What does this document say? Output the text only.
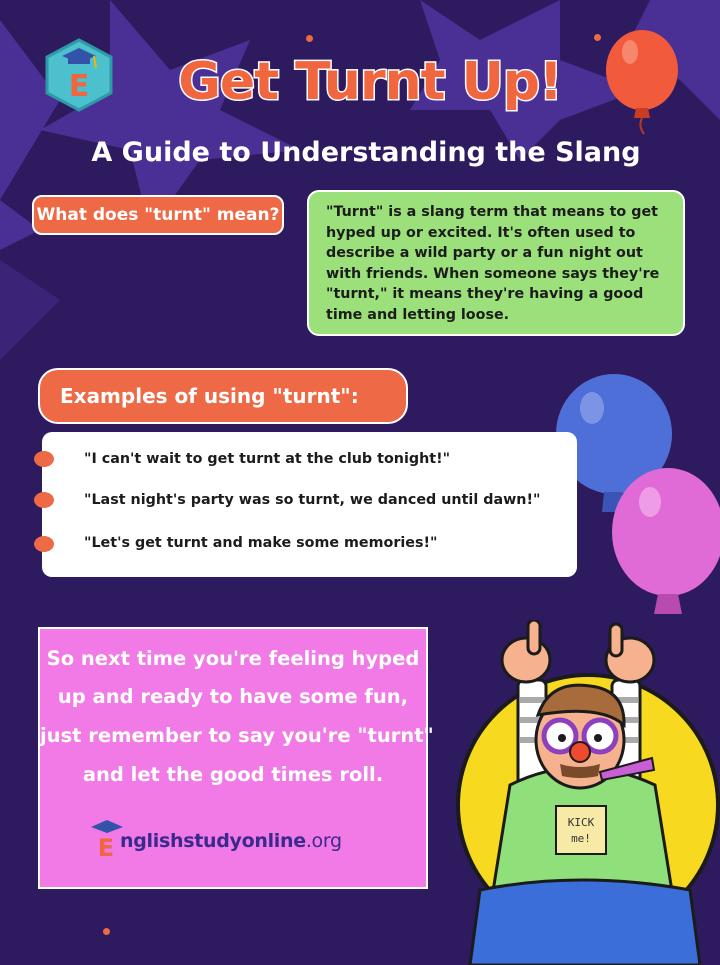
E	Get Turnt Up!
A Guide to Understanding the Slang
What does "turnt" mean?	"Turnt" is a slang term that means to get
hyped up or excited. It's often used to
describe a wild party or a fun night out
with friends. When someone says they're
"turnt," it means they're having a good
time and letting loose.
Examples of using "turnt":
"I can't wait to get turnt at the club tonight!"
"Last night's party was so turnt, we danced until dawn!"
"Let's get turnt and make some memories!"
So next time you're feeling hyped
up and ready to have some fun,
just remember to say you're "turnt"
and let the good times roll.
E nglishstudyonline.org
KICK
me!
